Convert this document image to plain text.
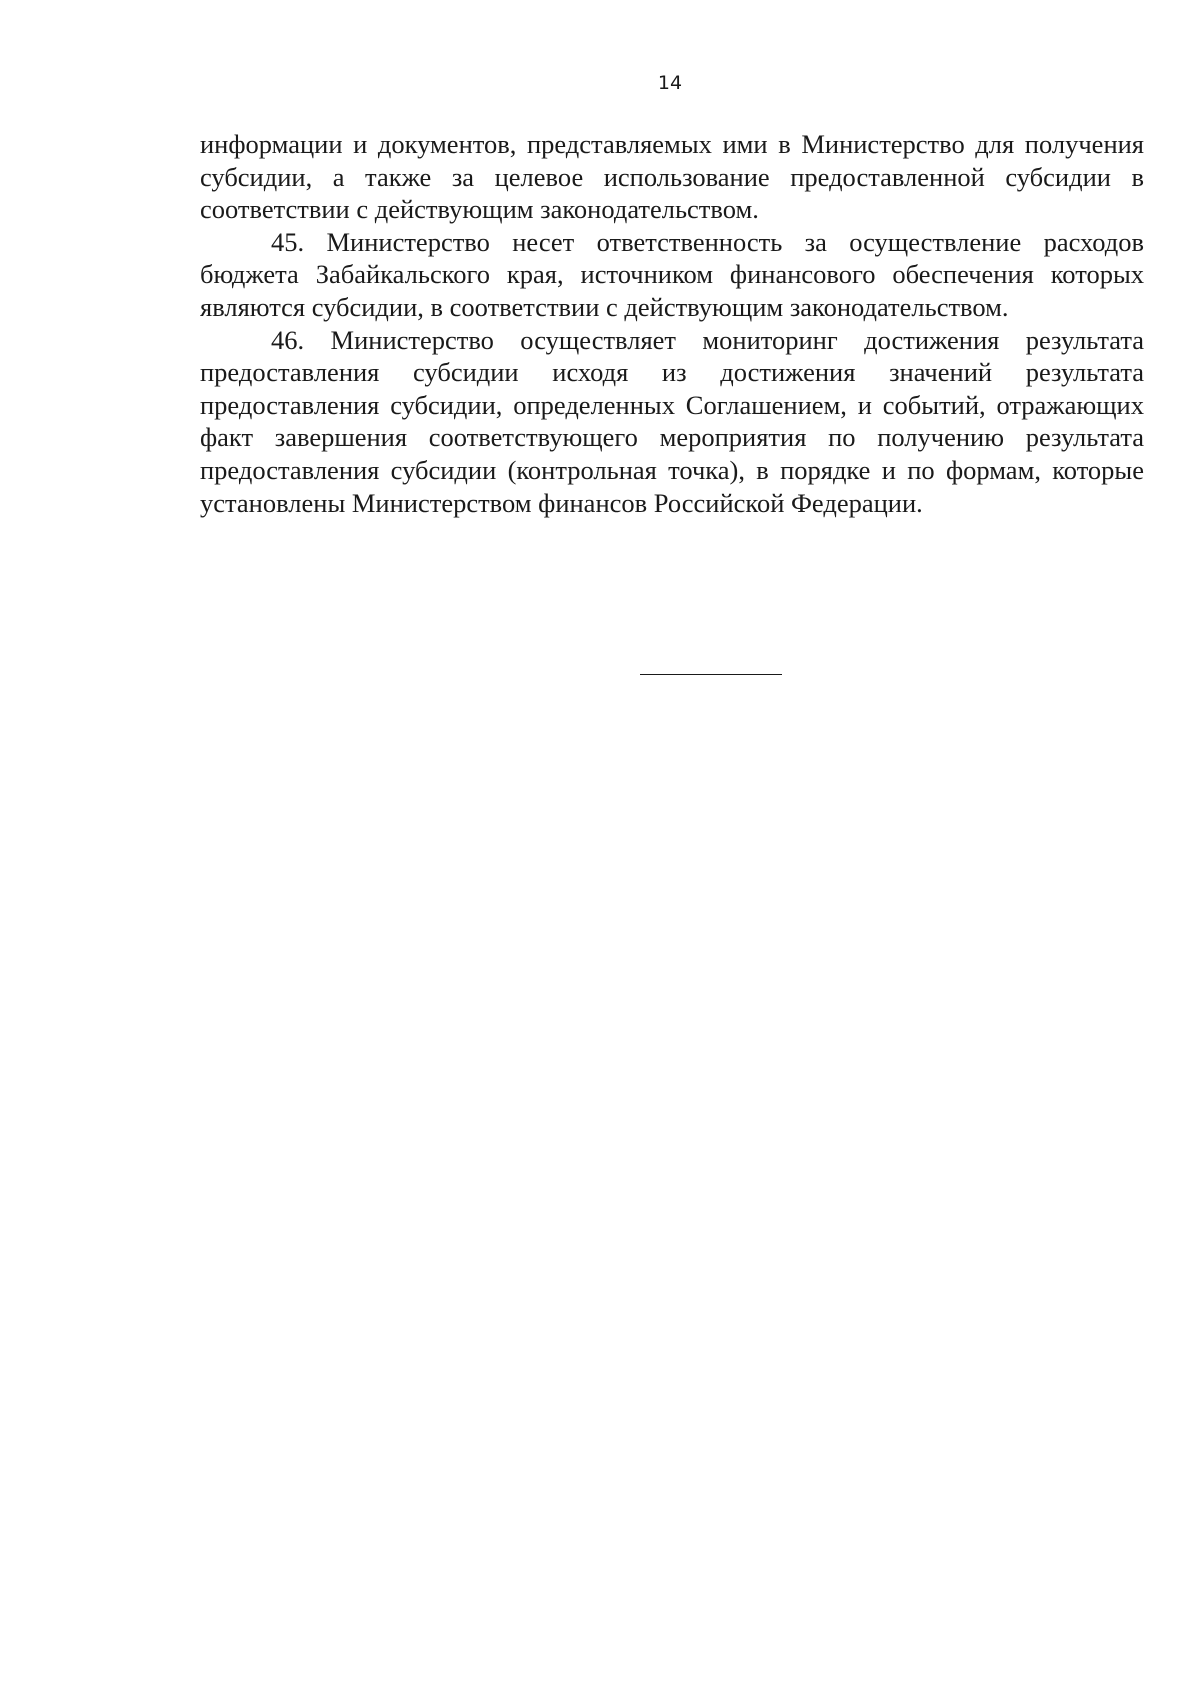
14

информации и документов, представляемых ими в Министерство для получения субсидии, а также за целевое использование предоставленной субсидии в соответствии с действующим законодательством.

45. Министерство несет ответственность за осуществление расходов бюджета Забайкальского края, источником финансового обеспечения которых являются субсидии, в соответствии с действующим законодательством.

46. Министерство осуществляет мониторинг достижения результата предоставления субсидии исходя из достижения значений результата предоставления субсидии, определенных Соглашением, и событий, отражающих факт завершения соответствующего мероприятия по получению результата предоставления субсидии (контрольная точка), в порядке и по формам, которые установлены Министерством финансов Российской Федерации.
